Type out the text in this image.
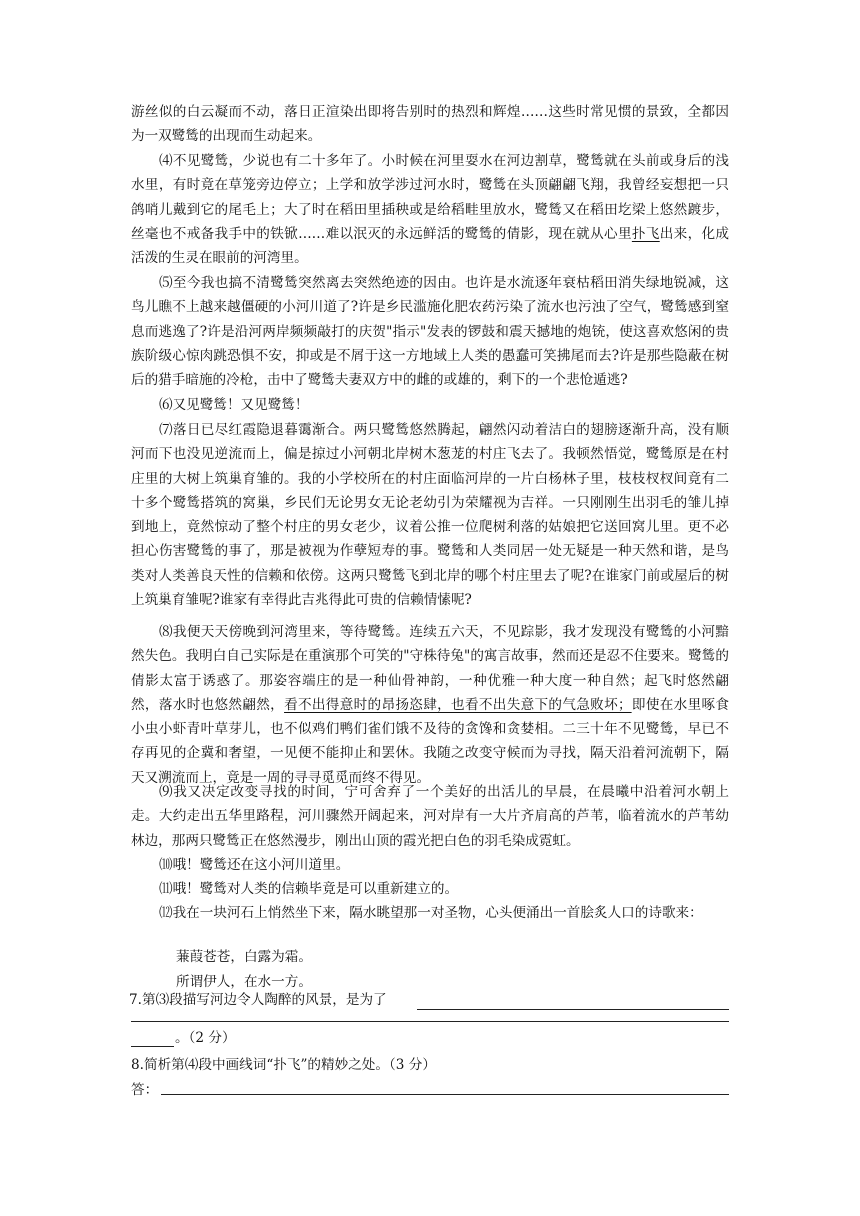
游丝似的白云凝而不动，落日正渲染出即将告别时的热烈和辉煌……这些时常见惯的景致，全都因为一双鹭鸶的出现而生动起来。

⑷不见鹭鸶，少说也有二十多年了。小时候在河里耍水在河边割草，鹭鸶就在头前或身后的浅水里，有时竟在草笼旁边停立；上学和放学涉过河水时，鹭鸶在头顶翩翩飞翔，我曾经妄想把一只鸽哨儿戴到它的尾毛上；大了时在稻田里插秧或是给稻畦里放水，鹭鸶又在稻田圪梁上悠然踱步，丝毫也不戒备我手中的铁锨……难以泯灭的永远鲜活的鹭鸶的倩影，现在就从心里扑飞出来，化成活泼的生灵在眼前的河湾里。

⑸至今我也搞不清鹭鸶突然离去突然绝迹的因由。也许是水流逐年衰枯稻田消失绿地锐减，这鸟儿瞧不上越来越僵硬的小河川道了?许是乡民滥施化肥农药污染了流水也污浊了空气，鹭鸶感到窒息而逃逸了?许是沿河两岸频频敲打的庆贺"指示"发表的锣鼓和震天撼地的炮铳，使这喜欢悠闲的贵族阶级心惊肉跳恐惧不安，抑或是不屑于这一方地域上人类的愚蠢可笑拂尾而去?许是那些隐蔽在树后的猎手暗施的冷枪，击中了鹭鸶夫妻双方中的雌的或雄的，剩下的一个悲怆遁逃?

⑹又见鹭鸶！又见鹭鸶！

⑺落日已尽红霞隐退暮霭渐合。两只鹭鸶悠然腾起，翩然闪动着洁白的翅膀逐渐升高，没有顺河而下也没见逆流而上，偏是掠过小河朝北岸树木葱茏的村庄飞去了。我顿然悟觉，鹭鸶原是在村庄里的大树上筑巢育雏的。我的小学校所在的村庄面临河岸的一片白杨林子里，枝枝杈杈间竟有二十多个鹭鸶搭筑的窝巢，乡民们无论男女无论老幼引为荣耀视为吉祥。一只刚刚生出羽毛的雏儿掉到地上，竟然惊动了整个村庄的男女老少，议着公推一位爬树利落的姑娘把它送回窝儿里。更不必担心伤害鹭鸶的事了，那是被视为作孽短寿的事。鹭鸶和人类同居一处无疑是一种天然和谐，是鸟类对人类善良天性的信赖和依傍。这两只鹭鸶飞到北岸的哪个村庄里去了呢?在谁家门前或屋后的树上筑巢育雏呢?谁家有幸得此吉兆得此可贵的信赖情愫呢?

⑻我便天天傍晚到河湾里来，等待鹭鸶。连续五六天，不见踪影，我才发现没有鹭鸶的小河黯然失色。我明白自己实际是在重演那个可笑的"守株待兔"的寓言故事，然而还是忍不住要来。鹭鸶的倩影太富于诱惑了。那姿容端庄的是一种仙骨神韵，一种优雅一种大度一种自然；起飞时悠然翩然，落水时也悠然翩然，看不出得意时的昂扬恣肆，也看不出失意下的气急败坏；即使在水里啄食小虫小虾青叶草芽儿，也不似鸡们鸭们雀们饿不及待的贪馋和贪婪相。二三十年不见鹭鸶，早已不存再见的企冀和奢望，一见便不能抑止和罢休。我随之改变守候而为寻找，隔天沿着河流朝下，隔天又溯流而上，竟是一周的寻寻觅觅而终不得见。

⑼我又决定改变寻找的时间，宁可舍弃了一个美好的出活儿的早晨，在晨曦中沿着河水朝上走。大约走出五华里路程，河川骤然开阔起来，河对岸有一大片齐肩高的芦苇，临着流水的芦苇幼林边，那两只鹭鸶正在悠然漫步，刚出山顶的霞光把白色的羽毛染成霓虹。

⑽哦！鹭鸶还在这小河川道里。

⑾哦！鹭鸶对人类的信赖毕竟是可以重新建立的。

⑿我在一块河石上悄然坐下来，隔水眺望那一对圣物，心头便涌出一首脍炙人口的诗歌来：

蒹葭苍苍，白露为霜。

所谓伊人，在水一方。

7.第⑶段描写河边令人陶醉的风景，是为了

。（2 分）

8.简析第⑷段中画线词“扑飞”的精妙之处。（3 分）

答：
